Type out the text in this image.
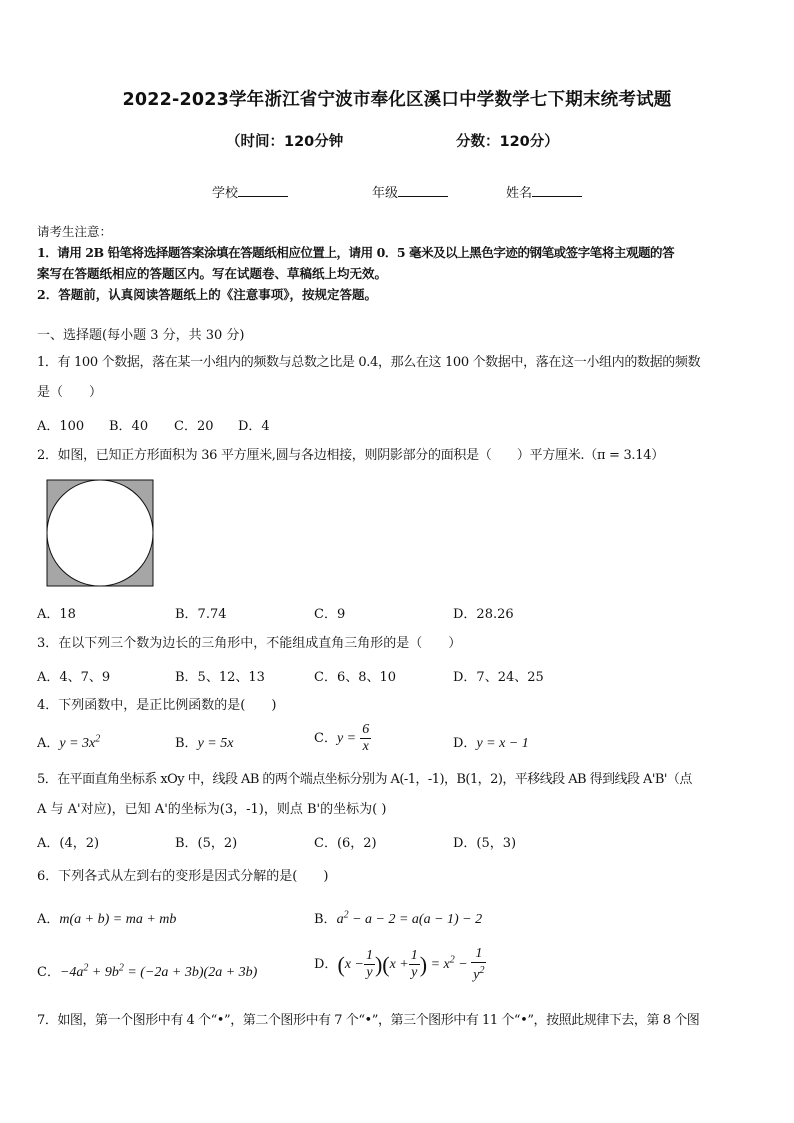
2022-2023学年浙江省宁波市奉化区溪口中学数学七下期末统考试题
（时间：120分钟	分数：120分）
学校	年级	姓名
请考生注意：
1．请用 2B 铅笔将选择题答案涂填在答题纸相应位置上，请用 0．5 毫米及以上黑色字迹的钢笔或签字笔将主观题的答
案写在答题纸相应的答题区内。写在试题卷、草稿纸上均无效。
2．答题前，认真阅读答题纸上的《注意事项》，按规定答题。
一、选择题(每小题 3 分，共 30 分)
1．有 100 个数据，落在某一小组内的频数与总数之比是 0.4，那么在这 100 个数据中，落在这一小组内的数据的频数
是（　　）
A．100 B．40 C．20 D．4
2．如图，已知正方形面积为 36 平方厘米,圆与各边相接，则阴影部分的面积是（　　）平方厘米.（π = 3.14）
A．18	B．7.74	C．9	D．28.26
3．在以下列三个数为边长的三角形中，不能组成直角三角形的是（　　）
A．4、7、9	B．5、12、13	C．6、8、10	D．7、24、25
4．下列函数中，是正比例函数的是(　　)
A．$y = 3x^2$	B．y = 5x	C．$y = \frac{6}{x}$	D．y = x − 1
5．在平面直角坐标系 xOy 中，线段 AB 的两个端点坐标分别为 A(-1，-1)，B(1，2)，平移线段 AB 得到线段 A'B'（点
A 与 A'对应)，已知 A'的坐标为(3，-1)，则点 B'的坐标为( )
A．(4，2)	B．(5，2)	C．(6，2)	D．(5，3)
6．下列各式从左到右的变形是因式分解的是(　　)
A．m(a + b) = ma + mb	B．$a^2 - a - 2 = a(a - 1) - 2$
C．$-4a^2 + 9b^2 = (-2a + 3b)(2a + 3b)$
D．$(x - \frac{1}{y} )(x + \frac{1}{y}$ ) = $x^2 - \frac{1}{y^2}$
7．如图，第一个图形中有 4 个“•”，第二个图形中有 7 个“•”，第三个图形中有 11 个“•”，按照此规律下去，第 8 个图
